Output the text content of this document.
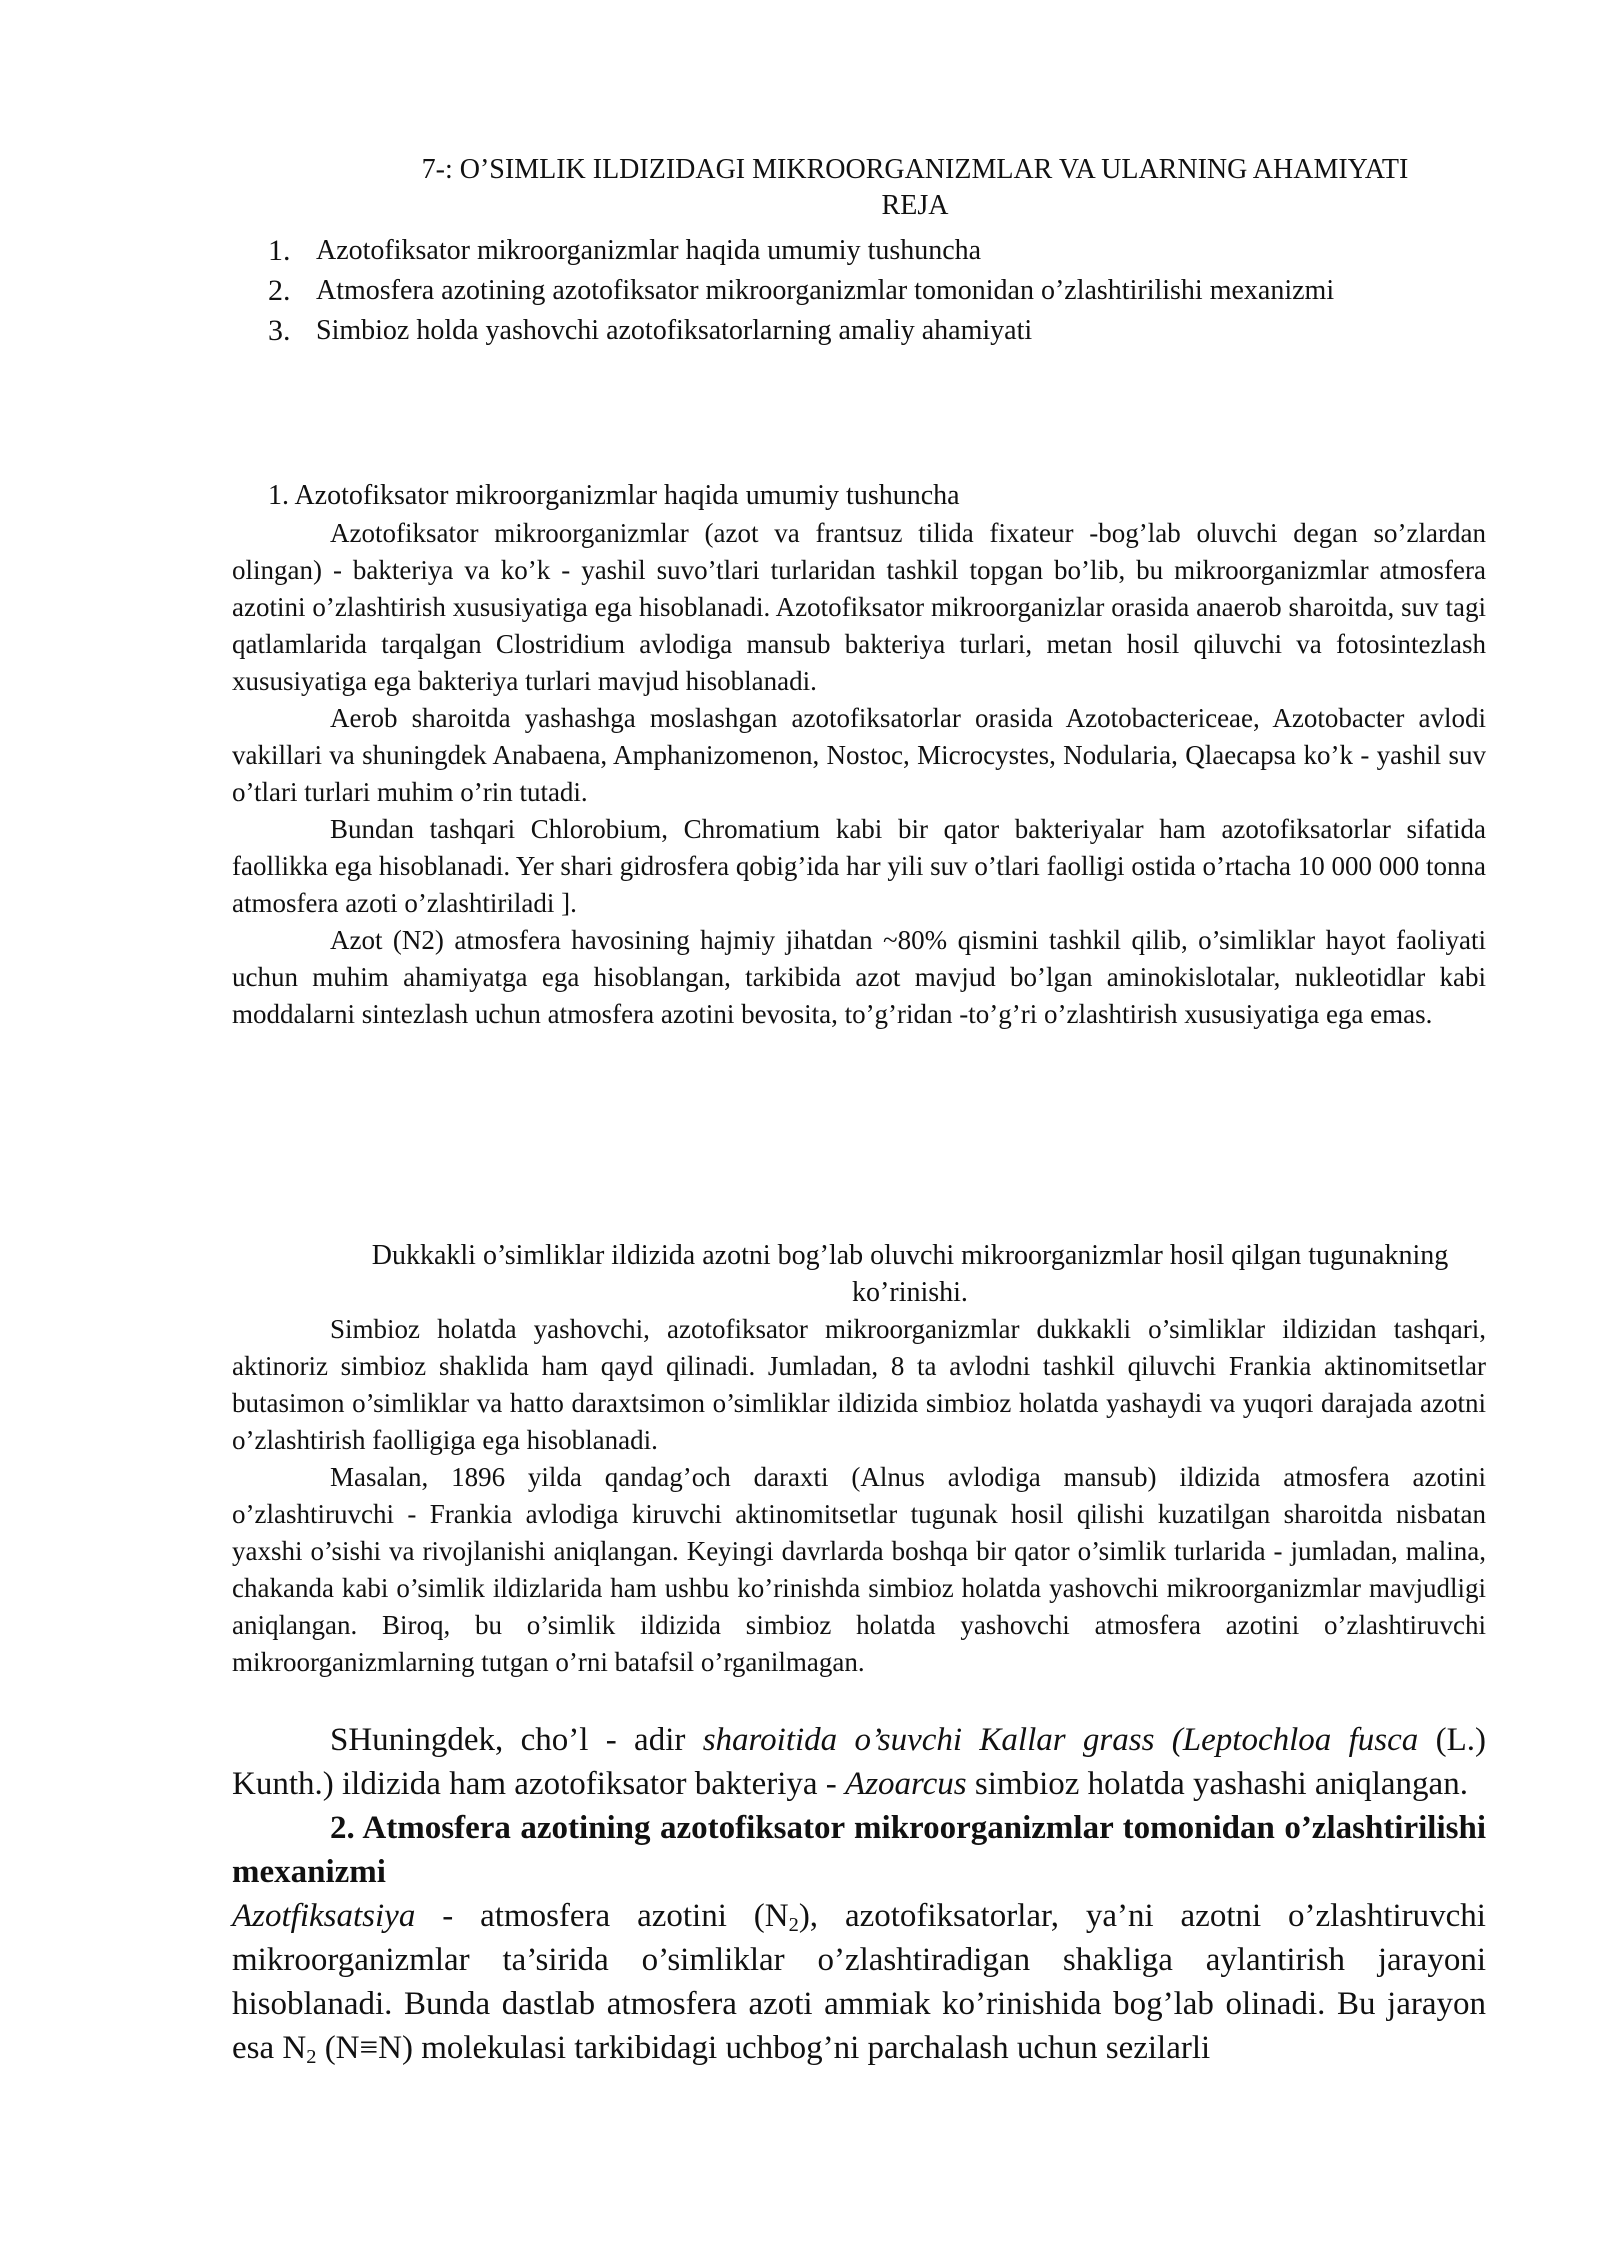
7-: O’SIMLIK ILDIZIDAGI MIKROORGANIZMLAR VA ULARNING AHAMIYATI
REJA
1. Azotofiksator mikroorganizmlar haqida umumiy tushuncha
2. Atmosfera azotining azotofiksator mikroorganizmlar tomonidan o’zlashtirilishi mexanizmi
3. Simbioz holda yashovchi azotofiksatorlarning amaliy ahamiyati
1. Azotofiksator mikroorganizmlar haqida umumiy tushuncha

Azotofiksator mikroorganizmlar (azot va frantsuz tilida fixateur -bog’lab oluvchi degan so’zlardan olingan) - bakteriya va ko’k - yashil suvo’tlari turlaridan tashkil topgan bo’lib, bu mikroorganizmlar atmosfera azotini o’zlashtirish xususiyatiga ega hisoblanadi. Azotofiksator mikroorganizlar orasida anaerob sharoitda, suv tagi qatlamlarida tarqalgan Clostridium avlodiga mansub bakteriya turlari, metan hosil qiluvchi va fotosintezlash xususiyatiga ega bakteriya turlari mavjud hisoblanadi.

Aerob sharoitda yashashga moslashgan azotofiksatorlar orasida Azotobactericeae, Azotobacter avlodi vakillari va shuningdek Anabaena, Amphanizomenon, Nostoc, Microcystes, Nodularia, Qlaecapsa ko’k - yashil suv o’tlari turlari muhim o’rin tutadi.

Bundan tashqari Chlorobium, Chromatium kabi bir qator bakteriyalar ham azotofiksatorlar sifatida faollikka ega hisoblanadi. Yer shari gidrosfera qobig’ida har yili suv o’tlari faolligi ostida o’rtacha 10 000 000 tonna atmosfera azoti o’zlashtiriladi ].

Azot (N2) atmosfera havosining hajmiy jihatdan ~80% qismini tashkil qilib, o’simliklar hayot faoliyati uchun muhim ahamiyatga ega hisoblangan, tarkibida azot mavjud bo’lgan aminokislotalar, nukleotidlar kabi moddalarni sintezlash uchun atmosfera azotini bevosita, to’g’ridan -to’g’ri o’zlashtirish xususiyatiga ega emas.

Dukkakli o’simliklar ildizida azotni bog’lab oluvchi mikroorganizmlar hosil qilgan tugunakning ko’rinishi.

Simbioz holatda yashovchi, azotofiksator mikroorganizmlar dukkakli o’simliklar ildizidan tashqari, aktinoriz simbioz shaklida ham qayd qilinadi. Jumladan, 8 ta avlodni tashkil qiluvchi Frankia aktinomitsetlar butasimon o’simliklar va hatto daraxtsimon o’simliklar ildizida simbioz holatda yashaydi va yuqori darajada azotni o’zlashtirish faolligiga ega hisoblanadi.

Masalan, 1896 yilda qandag’och daraxti (Alnus avlodiga mansub) ildizida atmosfera azotini o’zlashtiruvchi - Frankia avlodiga kiruvchi aktinomitsetlar tugunak hosil qilishi kuzatilgan sharoitda nisbatan yaxshi o’sishi va rivojlanishi aniqlangan. Keyingi davrlarda boshqa bir qator o’simlik turlarida - jumladan, malina, chakanda kabi o’simlik ildizlarida ham ushbu ko’rinishda simbioz holatda yashovchi mikroorganizmlar mavjudligi aniqlangan. Biroq, bu o’simlik ildizida simbioz holatda yashovchi atmosfera azotini o’zlashtiruvchi mikroorganizmlarning tutgan o’rni batafsil o’rganilmagan.

SHuningdek, cho’l - adir sharoitida o’suvchi Kallar grass (Leptochloa fusca (L.) Kunth.) ildizida ham azotofiksator bakteriya - Azoarcus simbioz holatda yashashi aniqlangan.

2. Atmosfera azotining azotofiksator mikroorganizmlar tomonidan o’zlashtirilishi mexanizmi

Azotfiksatsiya - atmosfera azotini $(N_2)$, azotofiksatorlar, ya’ni azotni o’zlashtiruvchi mikroorganizmlar ta’sirida o’simliklar o’zlashtiradigan shakliga aylantirish jarayoni hisoblanadi. Bunda dastlab atmosfera azoti ammiak ko’rinishida bog’lab olinadi. Bu jarayon esa $N_2$ (N≡N) molekulasi tarkibidagi uchbog’ni parchalash uchun sezilarli
